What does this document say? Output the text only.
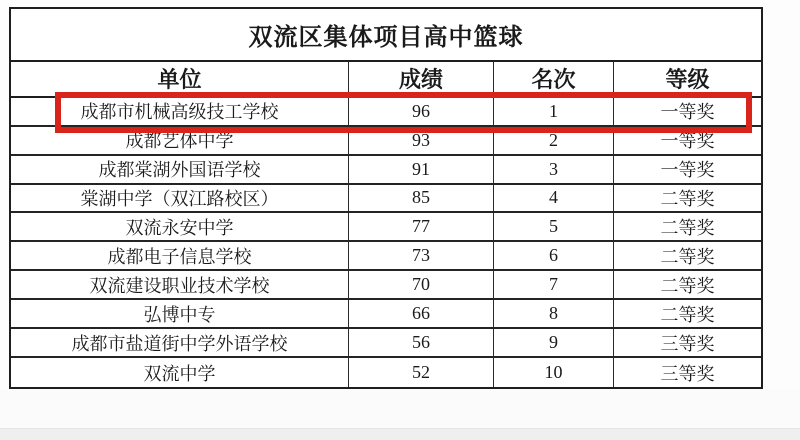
双流区集体项目高中篮球
单位	成绩	名次	等级
成都市机械高级技工学校	96	1	一等奖
成都艺体中学	93	2	一等奖
成都棠湖外国语学校	91	3	一等奖
棠湖中学（双江路校区）	85	4	二等奖
双流永安中学	77	5	二等奖
成都电子信息学校	73	6	二等奖
双流建设职业技术学校	70	7	二等奖
弘博中专	66	8	二等奖
成都市盐道街中学外语学校	56	9	三等奖
双流中学	52	10	三等奖
